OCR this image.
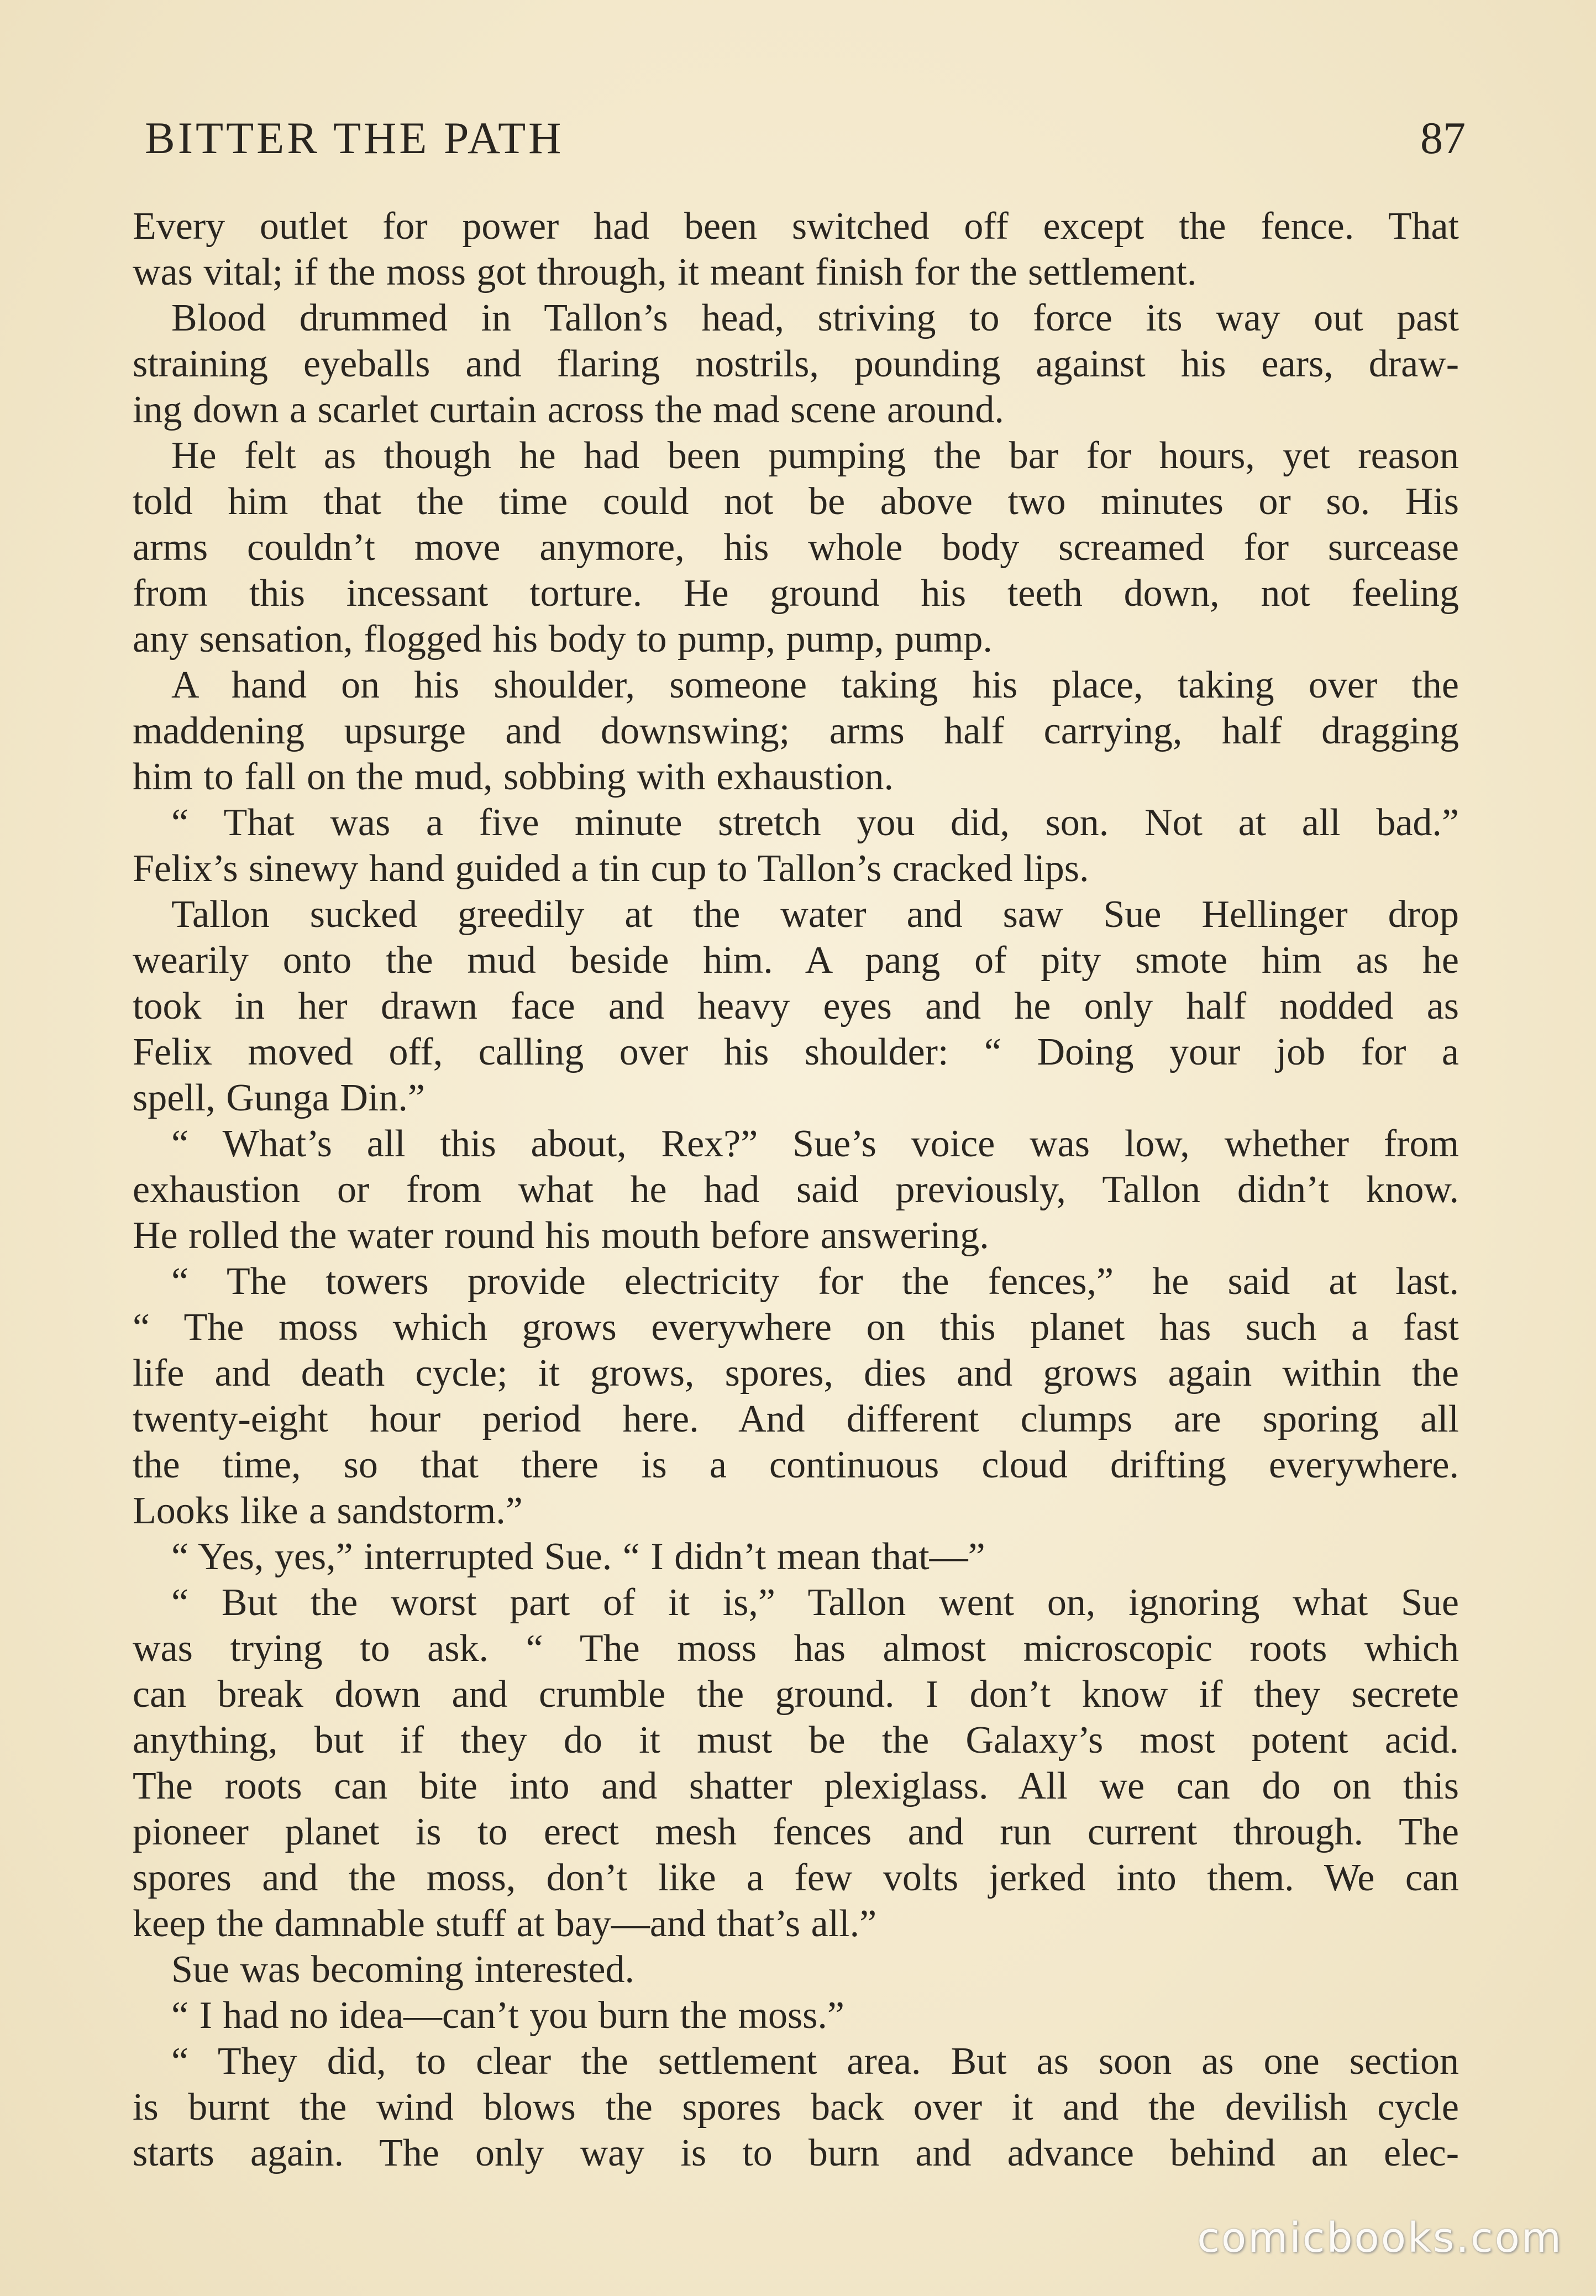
BITTER THE PATH	87
Every outlet for power had been switched off except the fence. That
was vital; if the moss got through, it meant finish for the settlement.
Blood drummed in Tallon’s head, striving to force its way out past
straining eyeballs and flaring nostrils, pounding against his ears, draw-
ing down a scarlet curtain across the mad scene around.
He felt as though he had been pumping the bar for hours, yet reason
told him that the time could not be above two minutes or so. His
arms couldn’t move anymore, his whole body screamed for surcease
from this incessant torture. He ground his teeth down, not feeling
any sensation, flogged his body to pump, pump, pump.
A hand on his shoulder, someone taking his place, taking over the
maddening upsurge and downswing; arms half carrying, half dragging
him to fall on the mud, sobbing with exhaustion.
“ That was a five minute stretch you did, son. Not at all bad.”
Felix’s sinewy hand guided a tin cup to Tallon’s cracked lips.
Tallon sucked greedily at the water and saw Sue Hellinger drop
wearily onto the mud beside him. A pang of pity smote him as he
took in her drawn face and heavy eyes and he only half nodded as
Felix moved off, calling over his shoulder: “ Doing your job for a
spell, Gunga Din.”
“ What’s all this about, Rex?” Sue’s voice was low, whether from
exhaustion or from what he had said previously, Tallon didn’t know.
He rolled the water round his mouth before answering.
“ The towers provide electricity for the fences,” he said at last.
“ The moss which grows everywhere on this planet has such a fast
life and death cycle; it grows, spores, dies and grows again within the
twenty-eight hour period here. And different clumps are sporing all
the time, so that there is a continuous cloud drifting everywhere.
Looks like a sandstorm.”
“ Yes, yes,” interrupted Sue. “ I didn’t mean that—”
“ But the worst part of it is,” Tallon went on, ignoring what Sue
was trying to ask. “ The moss has almost microscopic roots which
can break down and crumble the ground. I don’t know if they secrete
anything, but if they do it must be the Galaxy’s most potent acid.
The roots can bite into and shatter plexiglass. All we can do on this
pioneer planet is to erect mesh fences and run current through. The
spores and the moss, don’t like a few volts jerked into them. We can
keep the damnable stuff at bay—and that’s all.”
Sue was becoming interested.
“ I had no idea—can’t you burn the moss.”
“ They did, to clear the settlement area. But as soon as one section
is burnt the wind blows the spores back over it and the devilish cycle
starts again. The only way is to burn and advance behind an elec-
comicbooks.com
